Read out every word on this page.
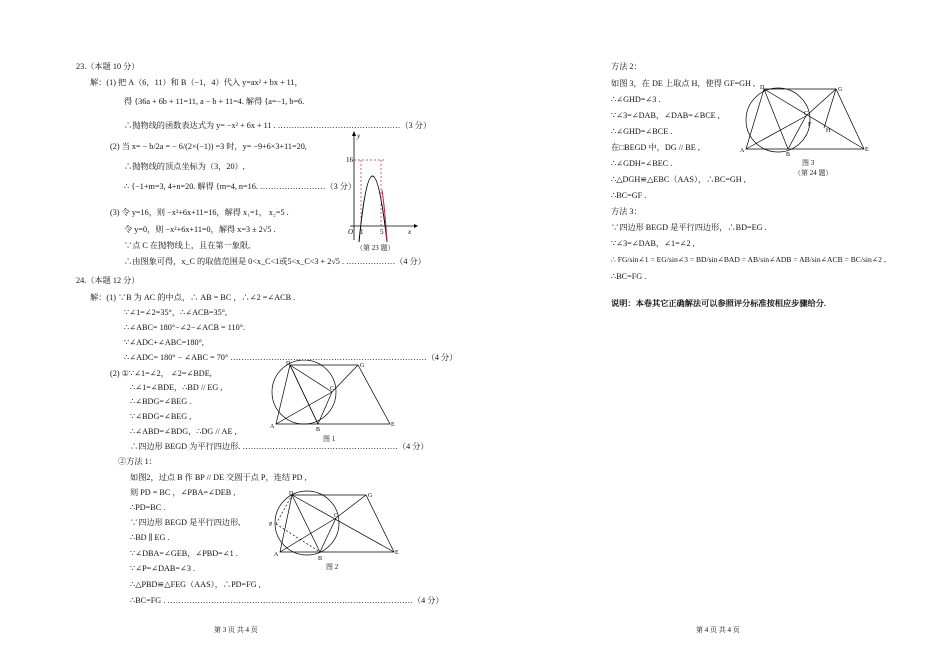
23.（本题 10 分）
解：(1) 把 A（6，11）和 B（−1，4）代入 y=ax² + bx + 11，
得 {36a + 6b + 11=11, a − b + 11=4. 解得 {a=−1, b=6.
∴抛物线的函数表达式为 y= −x² + 6x + 11 . ………………………………………（3 分）
(2) 当 x= − b/2a = − 6/(2×(−1)) =3 时，y= −9+6×3+11=20,
∴抛物线的顶点坐标为（3，20）,
∴ {−1+m=3, 4+n=20. 解得 {m=4, n=16. ……………………（3 分）
(3) 令 y=16，则 −x²+6x+11=16，解得 x₁=1， x₂=5 .
令 y=0，则 −x²+6x+11=0，解得 x=3 ± 2√5 .
∵点 C 在抛物线上，且在第一象限,
∴由图象可得，x_C 的取值范围是 0<x_C<1或5<x_C<3 + 2√5 . ………………（4 分）
16
O 1 5	x
y
（第 23 题）
24.（本题 12 分）
解：(1) ∵B 为 AC 的中点，∴ AB = BC ，∴∠2 =∠ACB .
∵∠1=∠2=35°，∴∠ACB=35°,
∴∠ABC= 180°−∠2−∠ACB = 110°.
∵∠ADC+∠ABC=180°,
∴∠ADC= 180° − ∠ABC = 70° ………………………………………………………………（4 分）
(2) ①∵∠1=∠2， ∠2=∠BDE,
∴∠1=∠BDE，∴BD // EG ,
∴∠BDG=∠BEG .
∵∠BDG=∠BEG ,
∴∠ABD=∠BDG，∴DG // AE ,
∴四边形 BEGD 为平行四边形. …………………………………………………（4 分）
②方法 1：
如图2，过点 B 作 BP // DE 交圆于点 P，连结 PD ,
则 PD = BC ，∠PBA=∠DEB ,
∴PD=BC .
∵四边形 BEGD 是平行四边形,
∴BD ∥ EG .
∵∠DBA=∠GEB，∠PBD=∠1 .
∵∠P=∠DAB=∠3 .
∴△PBD≌△FEG（AAS），∴PD=FG ,
∴BC=FG . ………………………………………………………………………………（4 分）
D	G
A	B
E
C
图 1
D	G
A
B
E
C
P
图 2
第 3 页 共 4 页
方法 2：
如图 3，在 DE 上取点 H，使得 GF=GH ,
∴∠GHD=∠3 .
∵∠3=∠DAB，∠DAB=∠BCE ,
∴∠GHD=∠BCE .
在□BEGD 中，DG // BE ,
∴∠GDH=∠BEC .
∴△DGH≌△EBC（AAS），∴BC=GH ,
∴BC=GF .
方法 3：
∵四边形 BEGD 是平行四边形，∴BD=EG .
∵∠3=∠DAB，∠1=∠2 ,
∴ FG/sin∠1 = EG/sin∠3 = BD/sin∠BAD = AB/sin∠ADB = AB/sin∠ACB = BC/sin∠2 ,
∴BC=FG .
说明：本卷其它正确解法可以参照评分标准按相应步骤给分.
D	G
A
B
E
C
H
F
图 3
（第 24 题）
第 4 页 共 4 页
